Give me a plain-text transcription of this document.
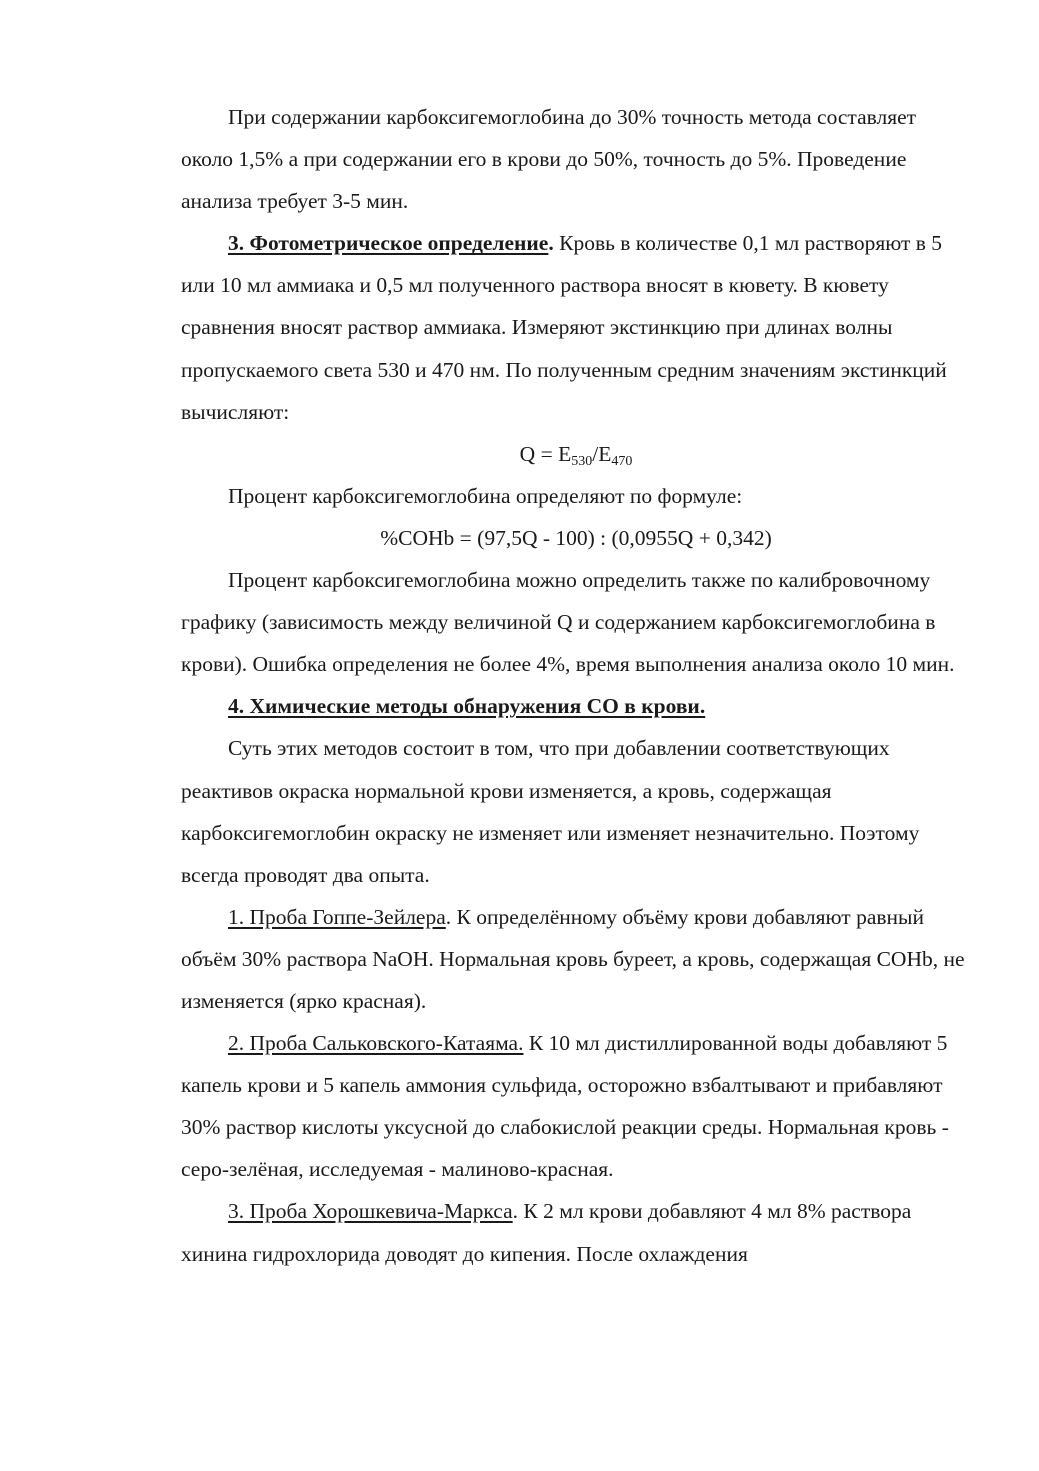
При содержании карбоксигемоглобина до 30% точность метода составляет около 1,5% а при содержании его в крови до 50%, точность до 5%. Проведение анализа требует 3-5 мин.

3. Фотометрическое определение. Кровь в количестве 0,1 мл растворяют в 5 или 10 мл аммиака и 0,5 мл полученного раствора вносят в кювету. В кювету сравнения вносят раствор аммиака. Измеряют экстинкцию при длинах волны пропускаемого света 530 и 470 нм. По полученным средним значениям экстинкций вычисляют:

$Q = E_{530}/E_{470}$

Процент карбоксигемоглобина определяют по формуле:

%COHb = (97,5Q - 100) : (0,0955Q + 0,342)

Процент карбоксигемоглобина можно определить также по калибровочному графику (зависимость между величиной Q и содержанием карбоксигемоглобина в крови). Ошибка определения не более 4%, время выполнения анализа около 10 мин.

4. Химические методы обнаружения СО в крови.

Суть этих методов состоит в том, что при добавлении соответствующих реактивов окраска нормальной крови изменяется, а кровь, содержащая карбоксигемоглобин окраску не изменяет или изменяет незначительно. Поэтому всегда проводят два опыта.

1. Проба Гоппе-Зейлера. К определённому объёму крови добавляют равный объём 30% раствора NaOH. Нормальная кровь буреет, а кровь, содержащая COHb, не изменяется (ярко красная).

2. Проба Сальковского-Катаяма. К 10 мл дистиллированной воды добавляют 5 капель крови и 5 капель аммония сульфида, осторожно взбалтывают и прибавляют 30% раствор кислоты уксусной до слабокислой реакции среды. Нормальная кровь - серо-зелёная, исследуемая - малиново-красная.

3. Проба Хорошкевича-Маркса. К 2 мл крови добавляют 4 мл 8% раствора хинина гидрохлорида доводят до кипения. После охлаждения
